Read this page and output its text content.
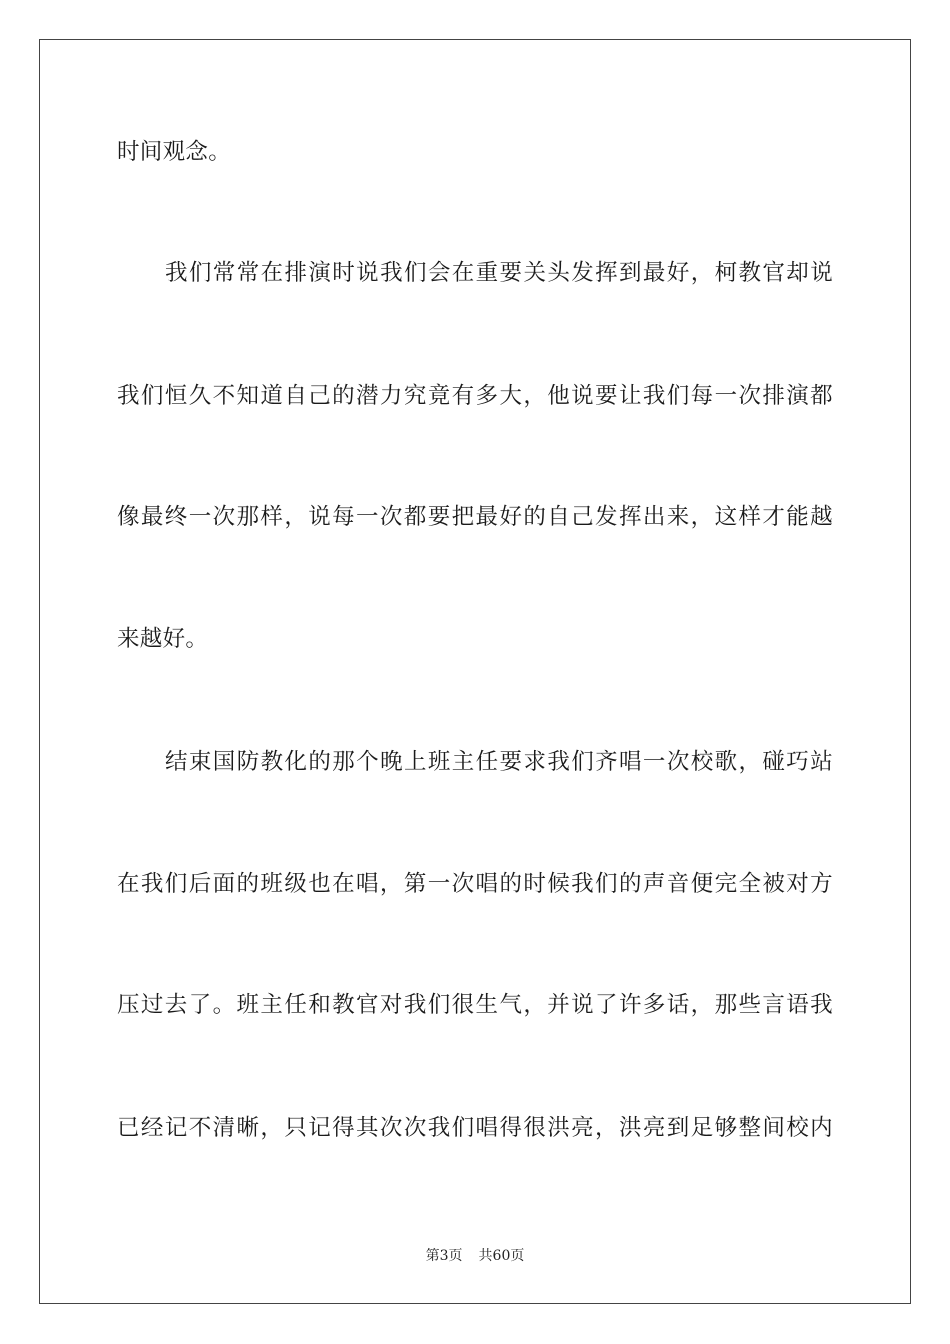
时间观念。
我们常常在排演时说我们会在重要关头发挥到最好，柯教官却说
我们恒久不知道自己的潜力究竟有多大，他说要让我们每一次排演都
像最终一次那样，说每一次都要把最好的自己发挥出来，这样才能越
来越好。
结束国防教化的那个晚上班主任要求我们齐唱一次校歌，碰巧站
在我们后面的班级也在唱，第一次唱的时候我们的声音便完全被对方
压过去了。班主任和教官对我们很生气，并说了许多话，那些言语我
已经记不清晰，只记得其次次我们唱得很洪亮，洪亮到足够整间校内
第3页 共60页
